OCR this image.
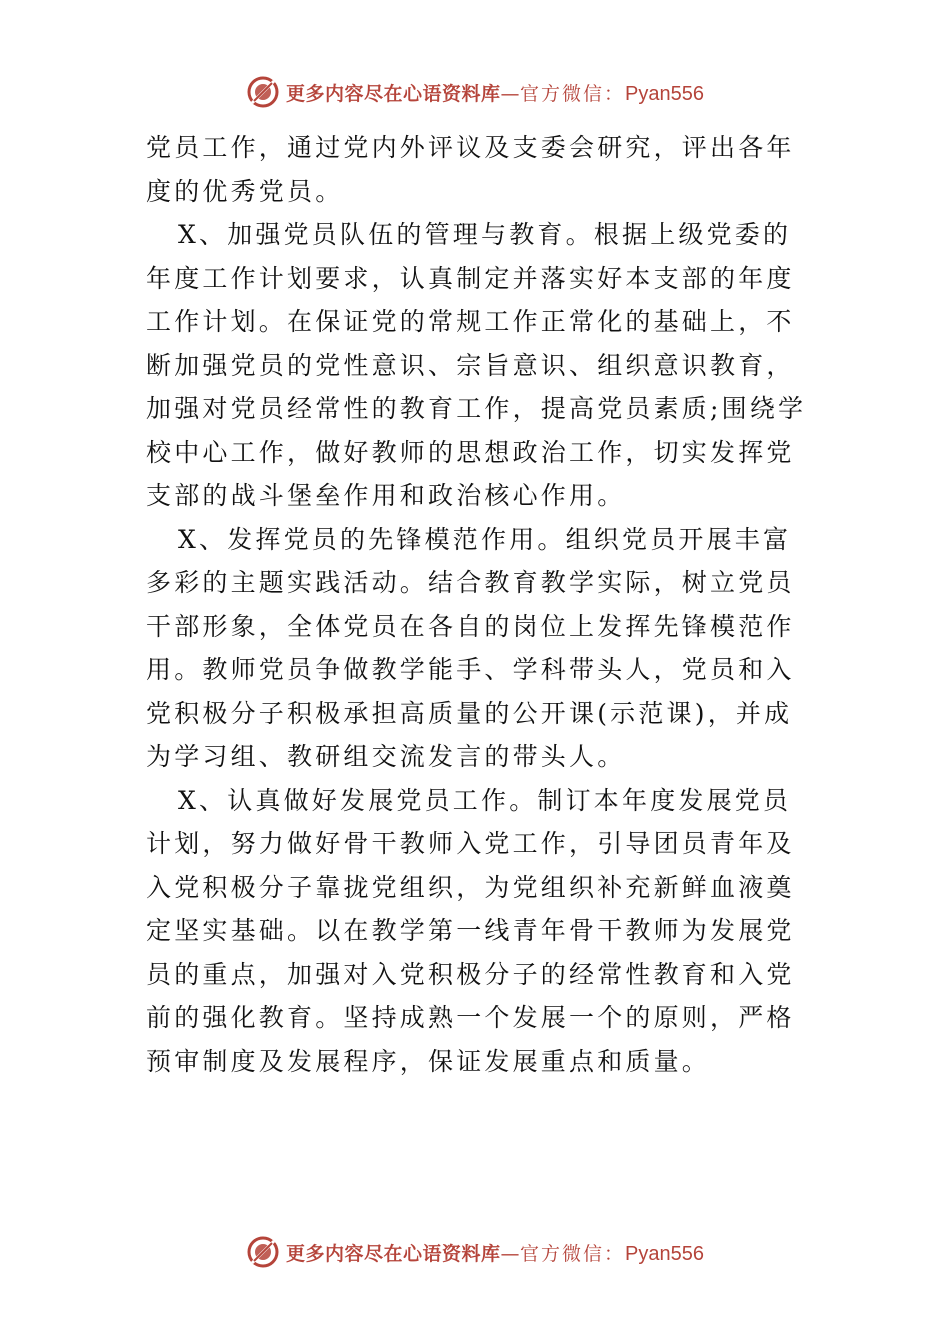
更多内容尽在心语资料库—官方微信：Pyan556

党员工作，通过党内外评议及支委会研究，评出各年度的优秀党员。

X、加强党员队伍的管理与教育。根据上级党委的年度工作计划要求，认真制定并落实好本支部的年度工作计划。在保证党的常规工作正常化的基础上，不断加强党员的党性意识、宗旨意识、组织意识教育，加强对党员经常性的教育工作，提高党员素质;围绕学校中心工作，做好教师的思想政治工作，切实发挥党支部的战斗堡垒作用和政治核心作用。

X、发挥党员的先锋模范作用。组织党员开展丰富多彩的主题实践活动。结合教育教学实际，树立党员干部形象，全体党员在各自的岗位上发挥先锋模范作用。教师党员争做教学能手、学科带头人，党员和入党积极分子积极承担高质量的公开课(示范课)，并成为学习组、教研组交流发言的带头人。

X、认真做好发展党员工作。制订本年度发展党员计划，努力做好骨干教师入党工作，引导团员青年及入党积极分子靠拢党组织，为党组织补充新鲜血液奠定坚实基础。以在教学第一线青年骨干教师为发展党员的重点，加强对入党积极分子的经常性教育和入党前的强化教育。坚持成熟一个发展一个的原则，严格预审制度及发展程序，保证发展重点和质量。

更多内容尽在心语资料库—官方微信：Pyan556
